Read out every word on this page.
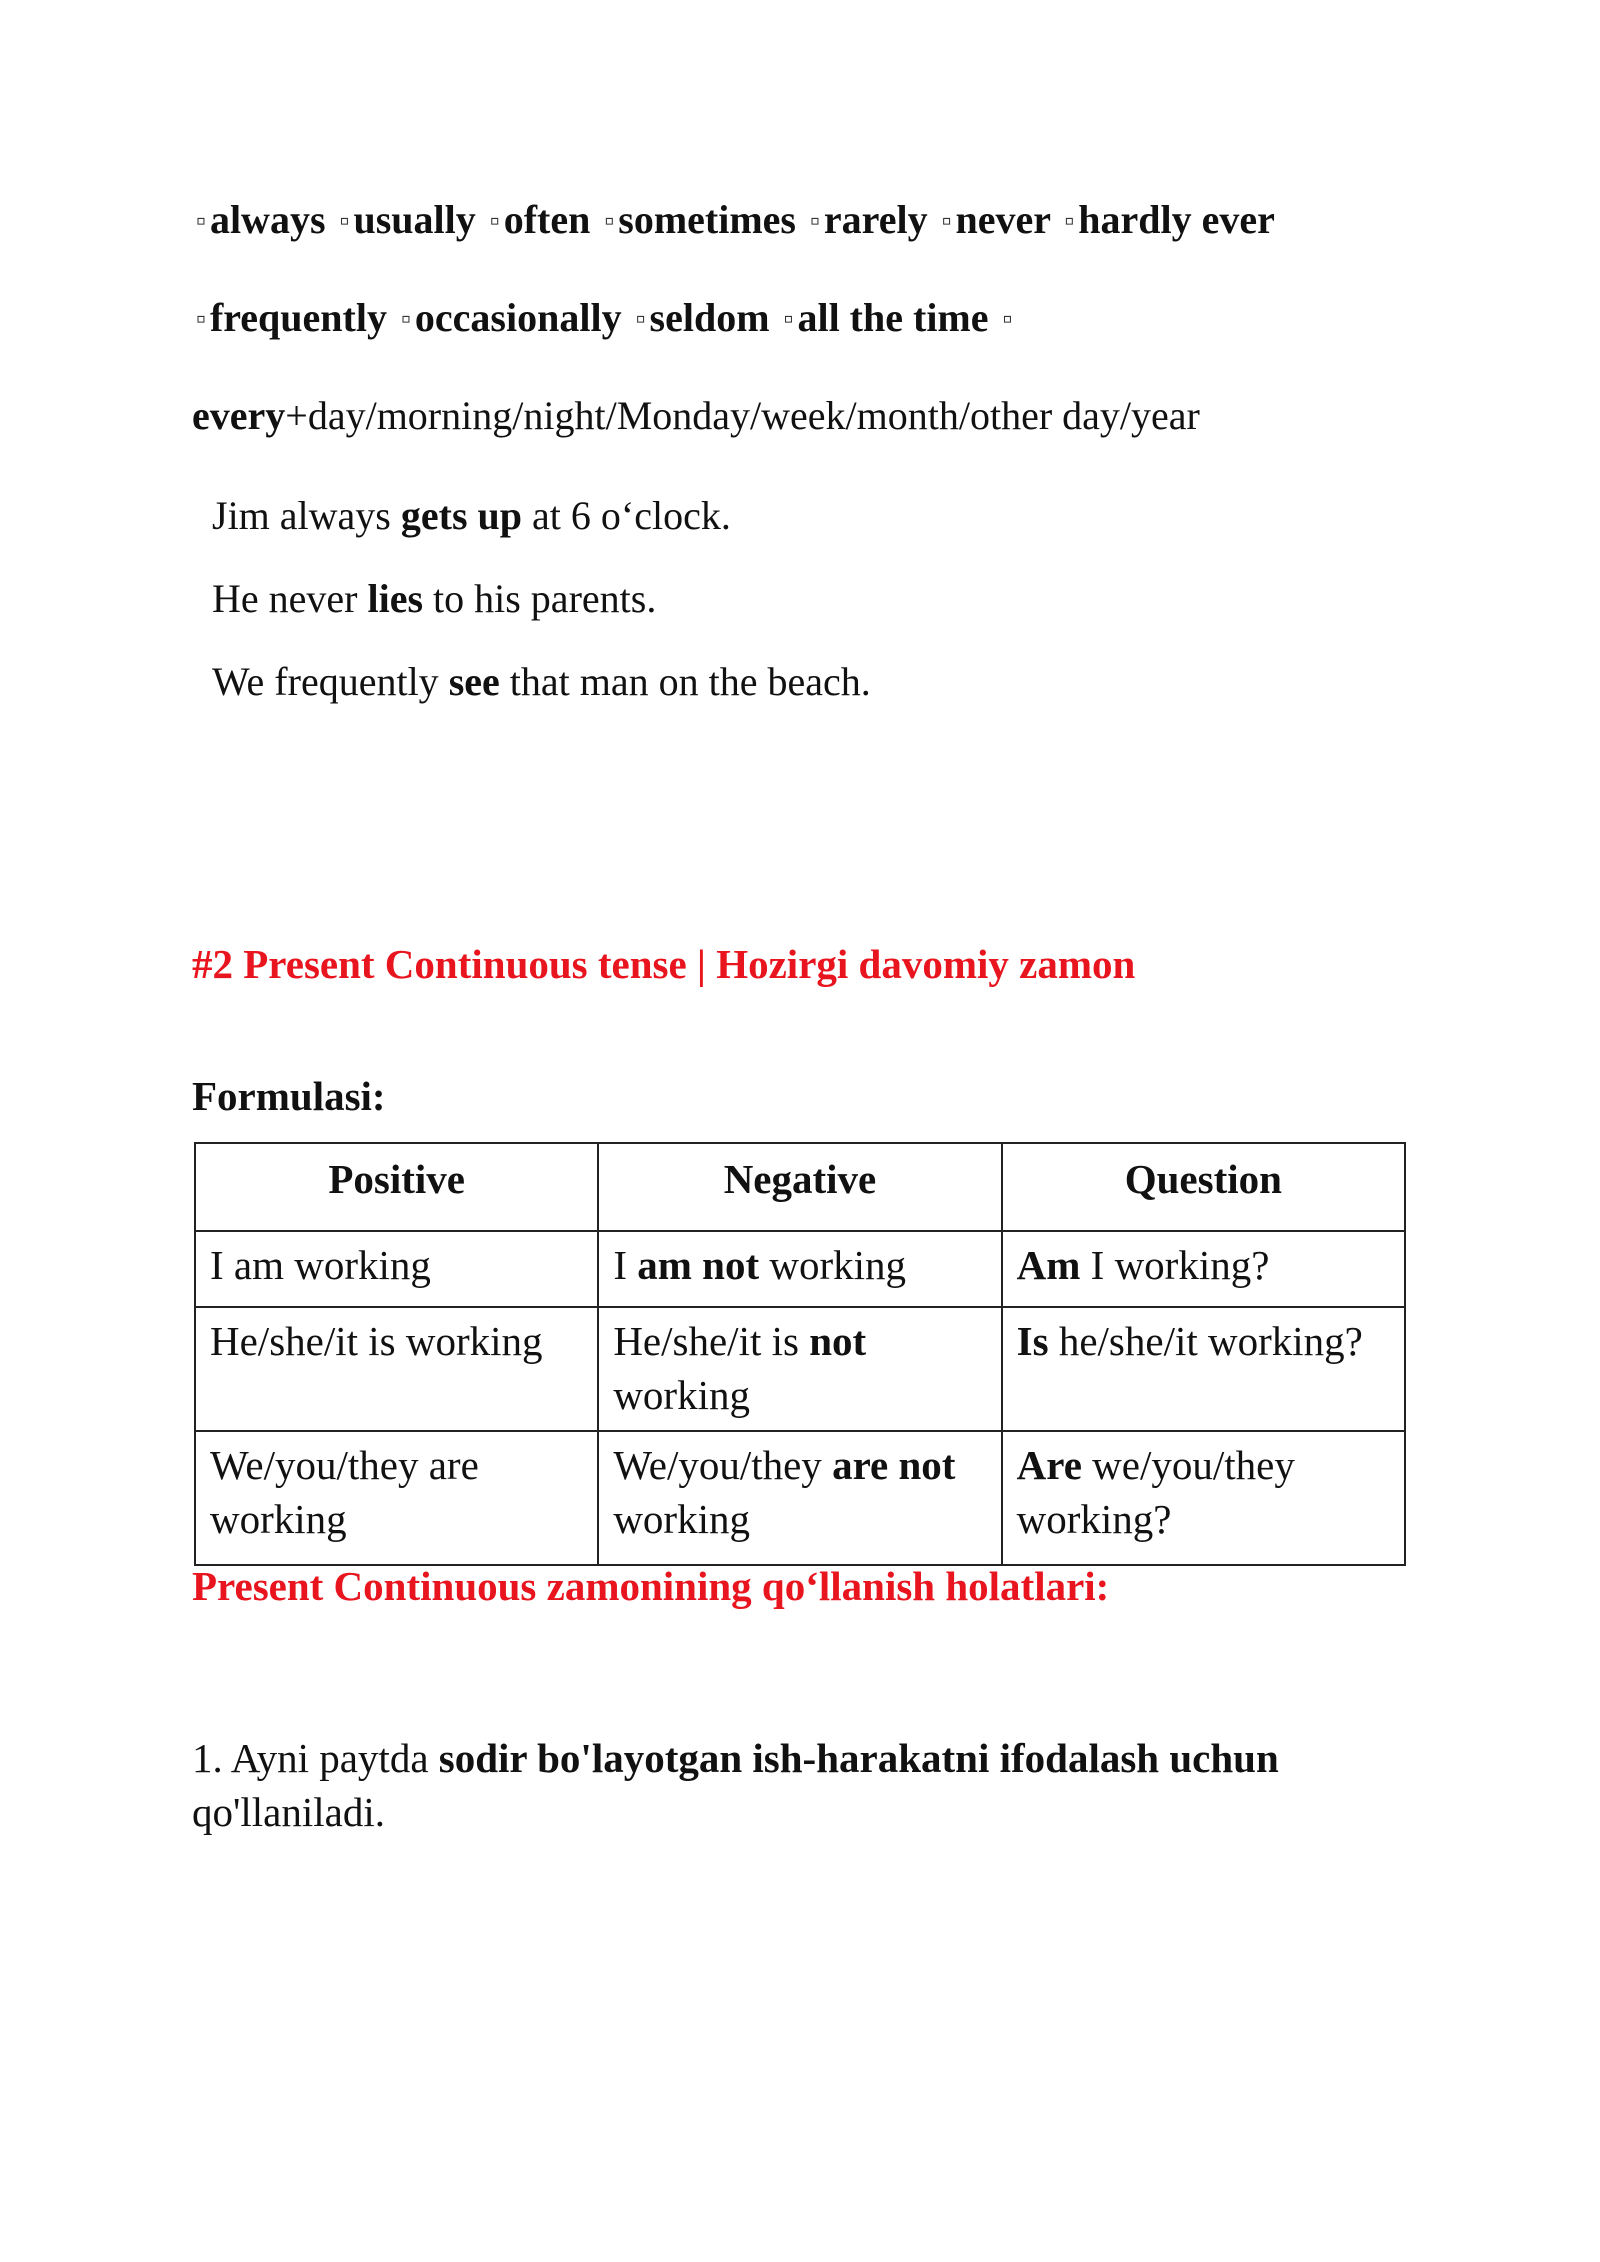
▫ always ▫ usually ▫ often ▫ sometimes ▫ rarely ▫ never ▫ hardly ever

▫ frequently ▫ occasionally ▫ seldom ▫ all the time ▫

every+day/morning/night/Monday/week/month/other day/year

Jim always gets up at 6 o‘clock.

He never lies to his parents.

We frequently see that man on the beach.

#2 Present Continuous tense | Hozirgi davomiy zamon

Formulasi:

Positive	Negative	Question
I am working	I am not working	Am I working?
He/she/it is working	He/she/it is not working	Is he/she/it working?
We/you/they are working	We/you/they are not working	Are we/you/they working?

Present Continuous zamonining qo‘llanish holatlari:

1. Ayni paytda sodir bo'layotgan ish-harakatni ifodalash uchun qo'llaniladi.
